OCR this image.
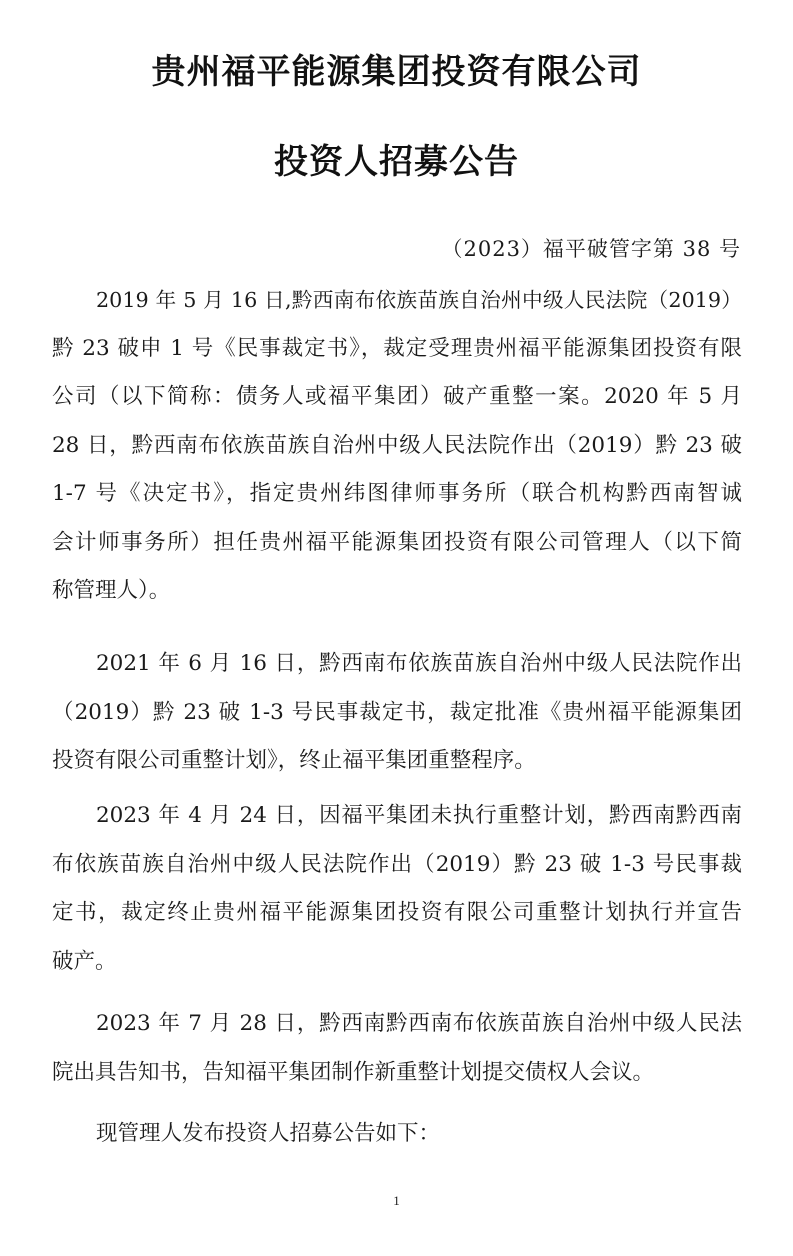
贵州福平能源集团投资有限公司
投资人招募公告
（2023）福平破管字第 38 号
2019 年 5 月 16 日,黔西南布依族苗族自治州中级人民法院（2019）
黔 23 破申 1 号《民事裁定书》，裁定受理贵州福平能源集团投资有限
公司（以下简称：债务人或福平集团）破产重整一案。2020 年 5 月
28 日，黔西南布依族苗族自治州中级人民法院作出（2019）黔 23 破
1-7 号《决定书》，指定贵州纬图律师事务所（联合机构黔西南智诚
会计师事务所）担任贵州福平能源集团投资有限公司管理人（以下简
称管理人）。
2021 年 6 月 16 日，黔西南布依族苗族自治州中级人民法院作出
（2019）黔 23 破 1-3 号民事裁定书，裁定批准《贵州福平能源集团
投资有限公司重整计划》，终止福平集团重整程序。
2023 年 4 月 24 日，因福平集团未执行重整计划，黔西南黔西南
布依族苗族自治州中级人民法院作出（2019）黔 23 破 1-3 号民事裁
定书，裁定终止贵州福平能源集团投资有限公司重整计划执行并宣告
破产。
2023 年 7 月 28 日，黔西南黔西南布依族苗族自治州中级人民法
院出具告知书，告知福平集团制作新重整计划提交债权人会议。
现管理人发布投资人招募公告如下：
1
